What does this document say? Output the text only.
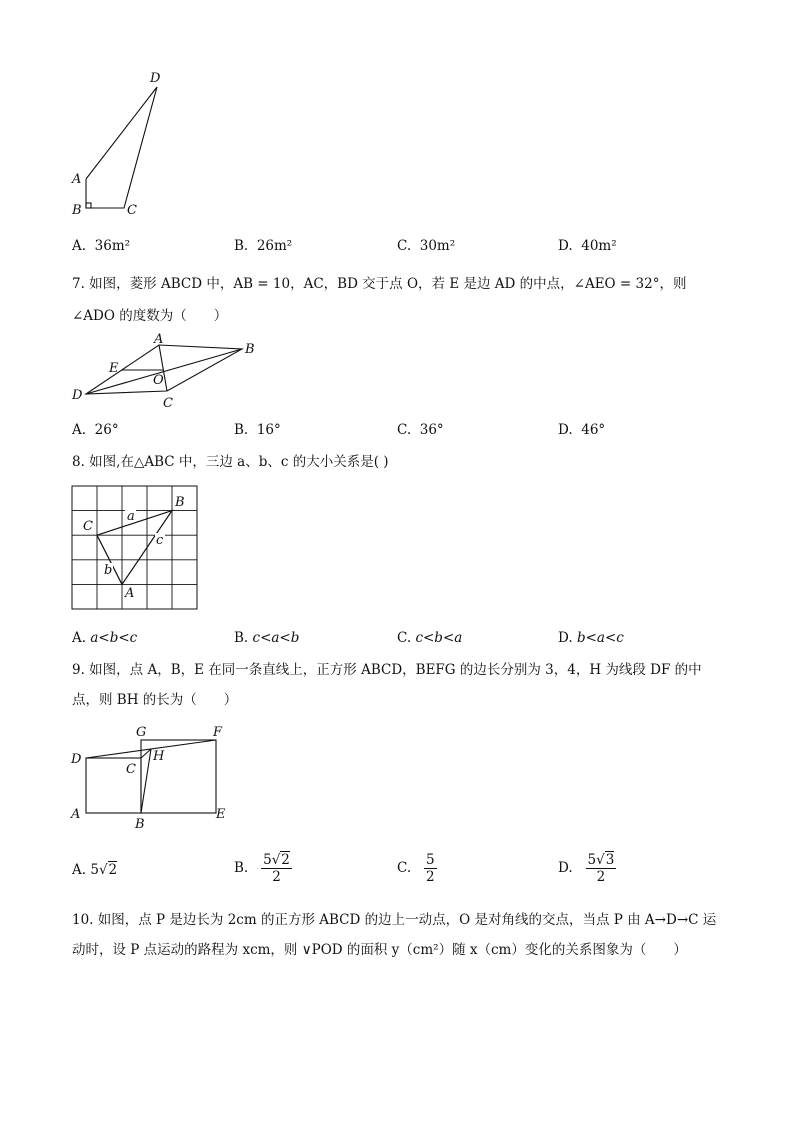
D
A
B	C
A. 36m²	B. 26m²	C. 30m²	D. 40m²
7. 如图，菱形 ABCD 中，AB = 10，AC，BD 交于点 O，若 E 是边 AD 的中点，∠AEO = 32°，则
∠ADO 的度数为（　　）
A
B
C
D
E
O
A. 26°	B. 16°	C. 36°	D. 46°
8. 如图,在△ABC 中，三边 a、b、c 的大小关系是( )
B
C
A
a
c
b
A. a<b<c	B. c<a<b	C. c<b<a	D. b<a<c
9. 如图，点 A，B，E 在同一条直线上，正方形 ABCD，BEFG 的边长分别为 3，4，H 为线段 DF 的中
点，则 BH 的长为（　　）
G	F
D	H
C
A
B
E
A. 5√2	B. $\frac{5√2}{2}$	C. $\frac{5}{2}$	D. $\frac{5√3}{2}$
10. 如图，点 P 是边长为 2cm 的正方形 ABCD 的边上一动点，O 是对角线的交点，当点 P 由 A→D→C 运
动时，设 P 点运动的路程为 xcm，则 ∨POD 的面积 y（cm²）随 x（cm）变化的关系图象为（　　）
